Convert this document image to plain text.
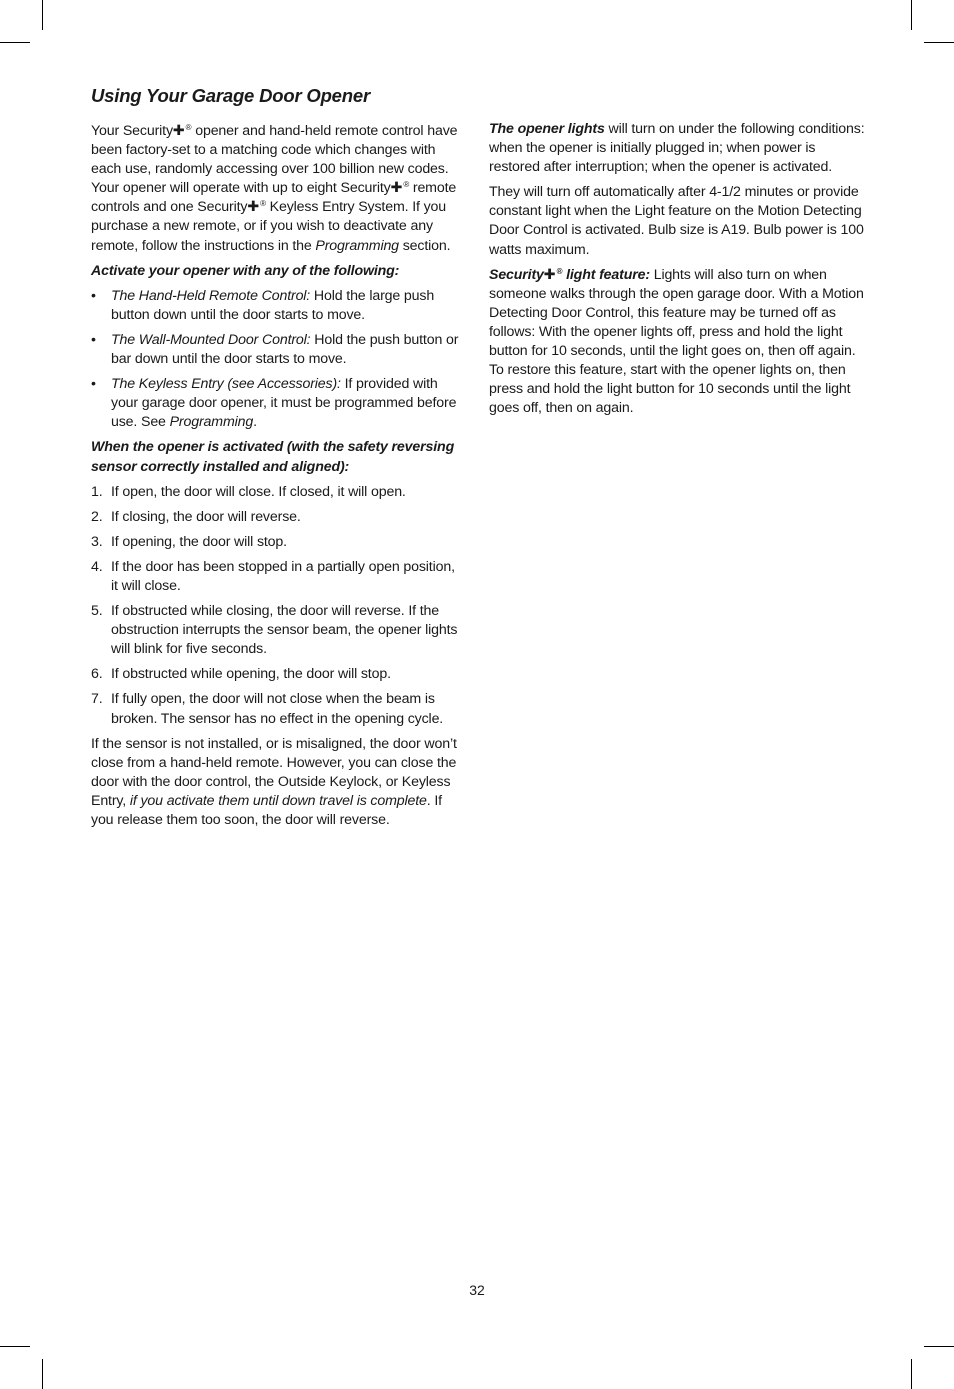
Using Your Garage Door Opener

Your Security✚® opener and hand-held remote control have been factory-set to a matching code which changes with each use, randomly accessing over 100 billion new codes. Your opener will operate with up to eight Security✚® remote controls and one Security✚® Keyless Entry System. If you purchase a new remote, or if you wish to deactivate any remote, follow the instructions in the Programming section.

Activate your opener with any of the following:

• The Hand-Held Remote Control: Hold the large push button down until the door starts to move.
• The Wall-Mounted Door Control: Hold the push button or bar down until the door starts to move.
• The Keyless Entry (see Accessories): If provided with your garage door opener, it must be programmed before use. See Programming.

When the opener is activated (with the safety reversing sensor correctly installed and aligned):

1. If open, the door will close. If closed, it will open.
2. If closing, the door will reverse.
3. If opening, the door will stop.
4. If the door has been stopped in a partially open position, it will close.
5. If obstructed while closing, the door will reverse. If the obstruction interrupts the sensor beam, the opener lights will blink for five seconds.
6. If obstructed while opening, the door will stop.
7. If fully open, the door will not close when the beam is broken. The sensor has no effect in the opening cycle.

If the sensor is not installed, or is misaligned, the door won’t close from a hand-held remote. However, you can close the door with the door control, the Outside Keylock, or Keyless Entry, if you activate them until down travel is complete. If you release them too soon, the door will reverse.

The opener lights will turn on under the following conditions: when the opener is initially plugged in; when power is restored after interruption; when the opener is activated.

They will turn off automatically after 4-1/2 minutes or provide constant light when the Light feature on the Motion Detecting Door Control is activated. Bulb size is A19. Bulb power is 100 watts maximum.

Security✚® light feature: Lights will also turn on when someone walks through the open garage door. With a Motion Detecting Door Control, this feature may be turned off as follows: With the opener lights off, press and hold the light button for 10 seconds, until the light goes on, then off again. To restore this feature, start with the opener lights on, then press and hold the light button for 10 seconds until the light goes off, then on again.

32
